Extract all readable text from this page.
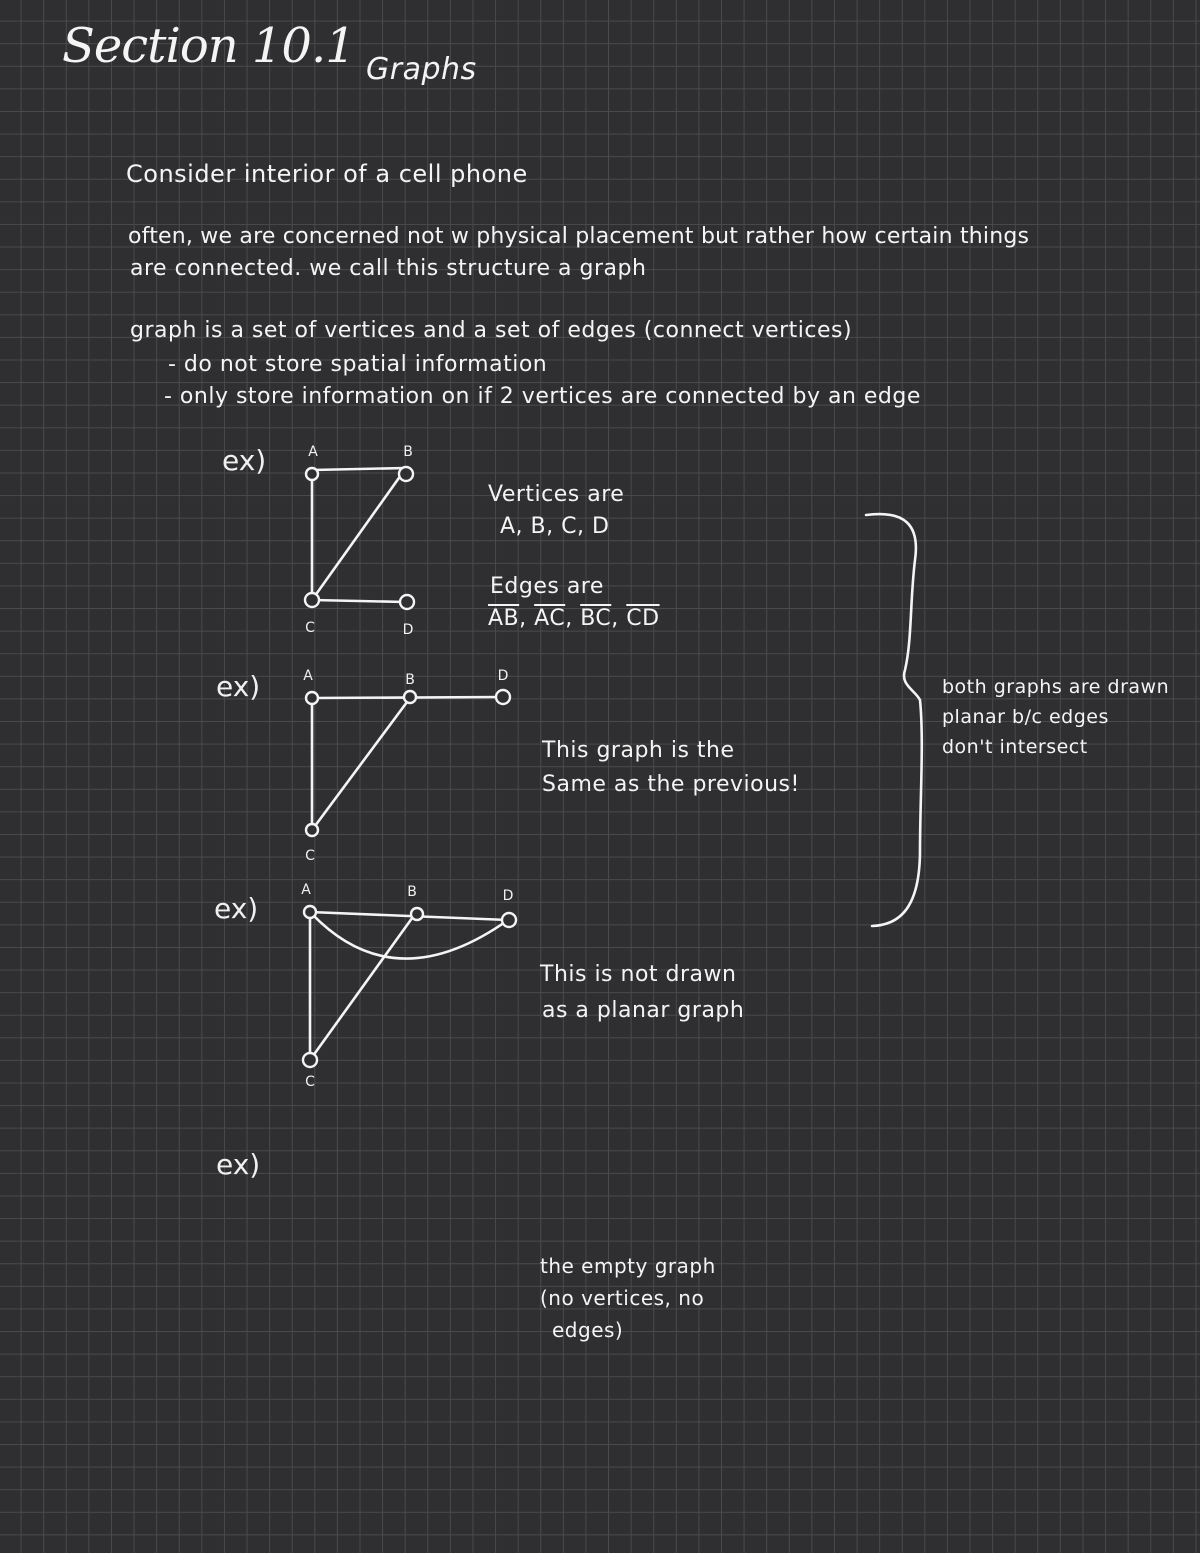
Section 10.1 Graphs
Consider interior of a cell phone
often, we are concerned not w physical placement but rather how certain things
are connected. we call this structure a graph
graph is a set of vertices and a set of edges (connect vertices)
- do not store spatial information
- only store information on if 2 vertices are connected by an edge
ex)
ex)
ex)
ex)
A	B
C	D
A	B
C
D
A	B
C
D
Vertices are
A, B, C, D
Edges are
$\overline{AB}$, $\overline{AC}$, $\overline{BC}$, $\overline{CD}$
This graph is the
Same as the previous!
both graphs are drawn
planar b/c edges
don't intersect
This is not drawn
as a planar graph
the empty graph
(no vertices, no
edges)
